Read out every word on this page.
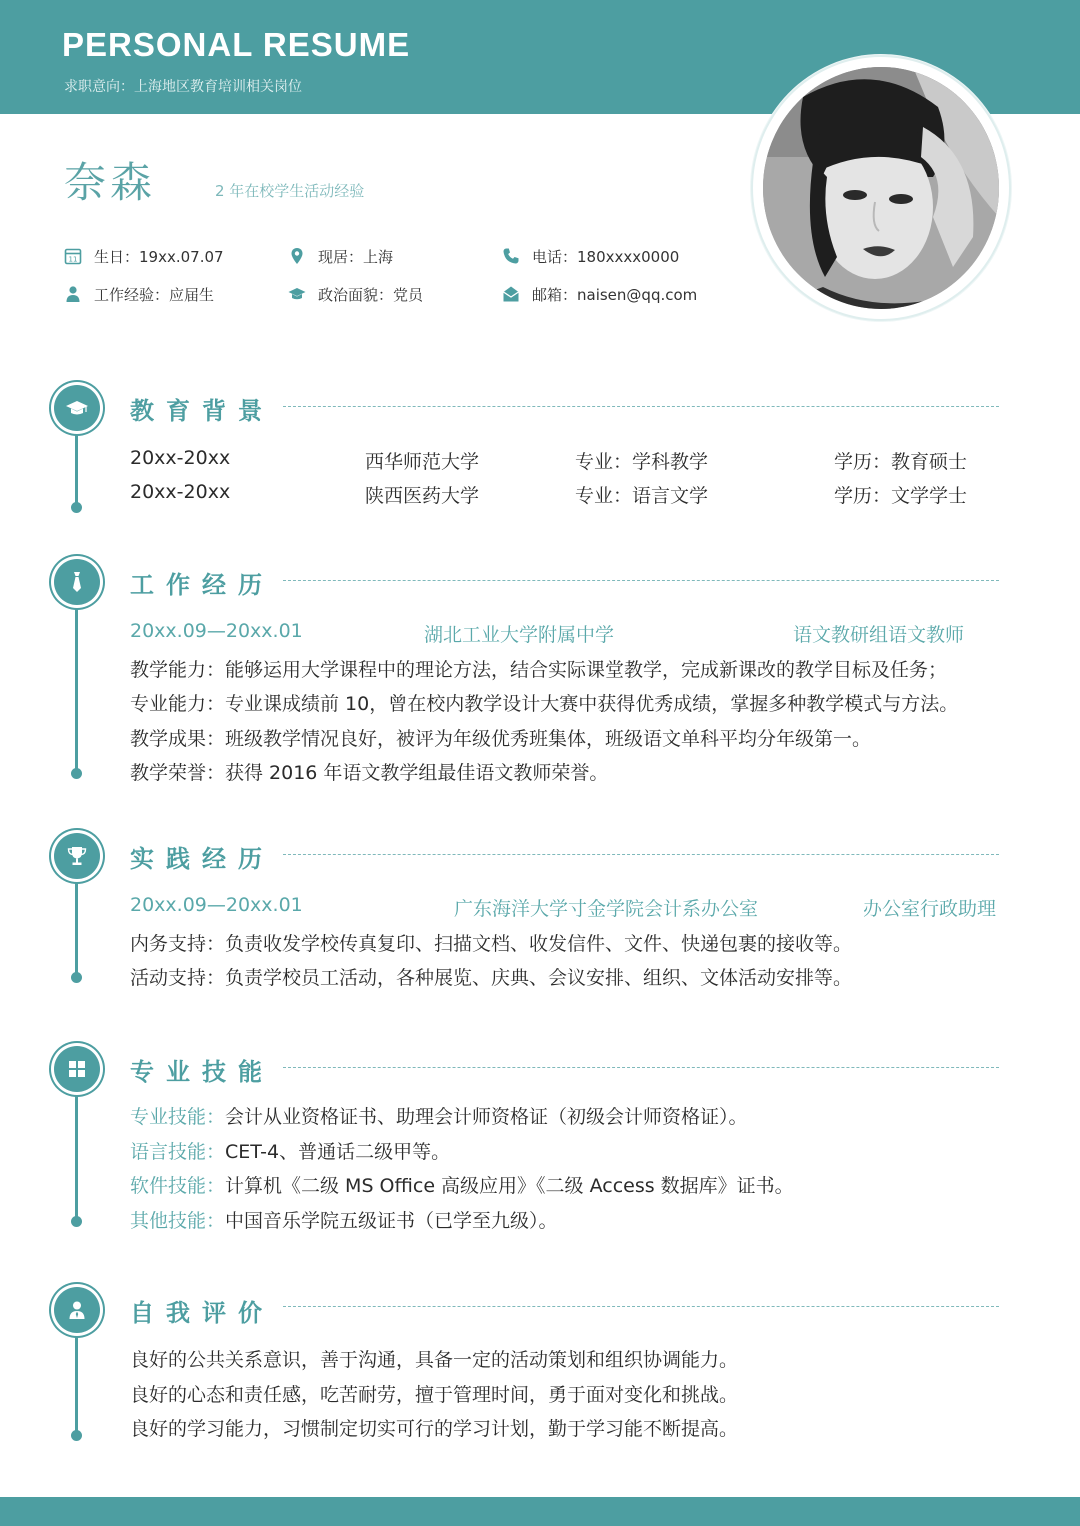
PERSONAL RESUME
求职意向：上海地区教育培训相关岗位
奈森	2 年在校学生活动经验
11 生日：19xx.07.07	现居：上海	电话：180xxxx0000
工作经验：应届生	政治面貌：党员	邮箱：naisen@qq.com
教育背景
20xx-20xx	西华师范大学	专业：学科教学	学历：教育硕士
20xx-20xx	陕西医药大学	专业：语言文学	学历：文学学士
工作经历
20xx.09—20xx.01	湖北工业大学附属中学	语文教研组语文教师
教学能力：能够运用大学课程中的理论方法，结合实际课堂教学，完成新课改的教学目标及任务；
专业能力：专业课成绩前 10，曾在校内教学设计大赛中获得优秀成绩，掌握多种教学模式与方法。
教学成果：班级教学情况良好，被评为年级优秀班集体，班级语文单科平均分年级第一。
教学荣誉：获得 2016 年语文教学组最佳语文教师荣誉。
实践经历
20xx.09—20xx.01	广东海洋大学寸金学院会计系办公室	办公室行政助理
内务支持：负责收发学校传真复印、扫描文档、收发信件、文件、快递包裹的接收等。
活动支持：负责学校员工活动，各种展览、庆典、会议安排、组织、文体活动安排等。
专业技能
专业技能：会计从业资格证书、助理会计师资格证（初级会计师资格证）。
语言技能：CET-4、普通话二级甲等。
软件技能：计算机《二级 MS Office 高级应用》《二级 Access 数据库》证书。
其他技能：中国音乐学院五级证书（已学至九级）。
自我评价
良好的公共关系意识，善于沟通，具备一定的活动策划和组织协调能力。
良好的心态和责任感，吃苦耐劳，擅于管理时间，勇于面对变化和挑战。
良好的学习能力，习惯制定切实可行的学习计划，勤于学习能不断提高。
